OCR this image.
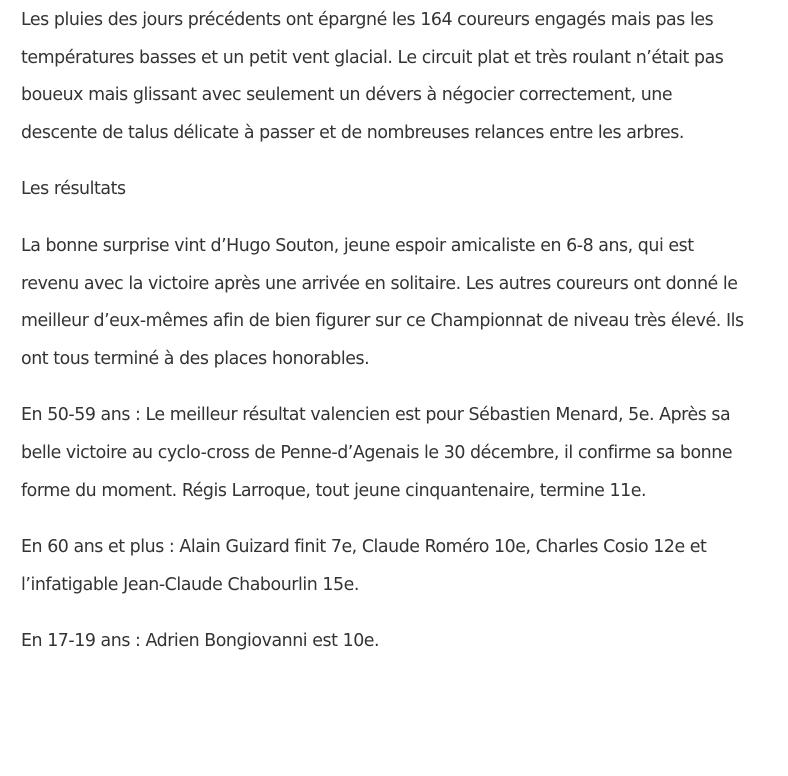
Les pluies des jours précédents ont épargné les 164 coureurs engagés mais pas les températures basses et un petit vent glacial. Le circuit plat et très roulant n’était pas boueux mais glissant avec seulement un dévers à négocier correctement, une descente de talus délicate à passer et de nombreuses relances entre les arbres.

Les résultats

La bonne surprise vint d’Hugo Souton, jeune espoir amicaliste en 6-8 ans, qui est revenu avec la victoire après une arrivée en solitaire. Les autres coureurs ont donné le meilleur d’eux-mêmes afin de bien figurer sur ce Championnat de niveau très élevé. Ils ont tous terminé à des places honorables.

En 50-59 ans : Le meilleur résultat valencien est pour Sébastien Menard, 5e. Après sa belle victoire au cyclo-cross de Penne-d’Agenais le 30 décembre, il confirme sa bonne forme du moment. Régis Larroque, tout jeune cinquantenaire, termine 11e.

En 60 ans et plus : Alain Guizard finit 7e, Claude Roméro 10e, Charles Cosio 12e et l’infatigable Jean-Claude Chabourlin 15e.

En 17-19 ans : Adrien Bongiovanni est 10e.
